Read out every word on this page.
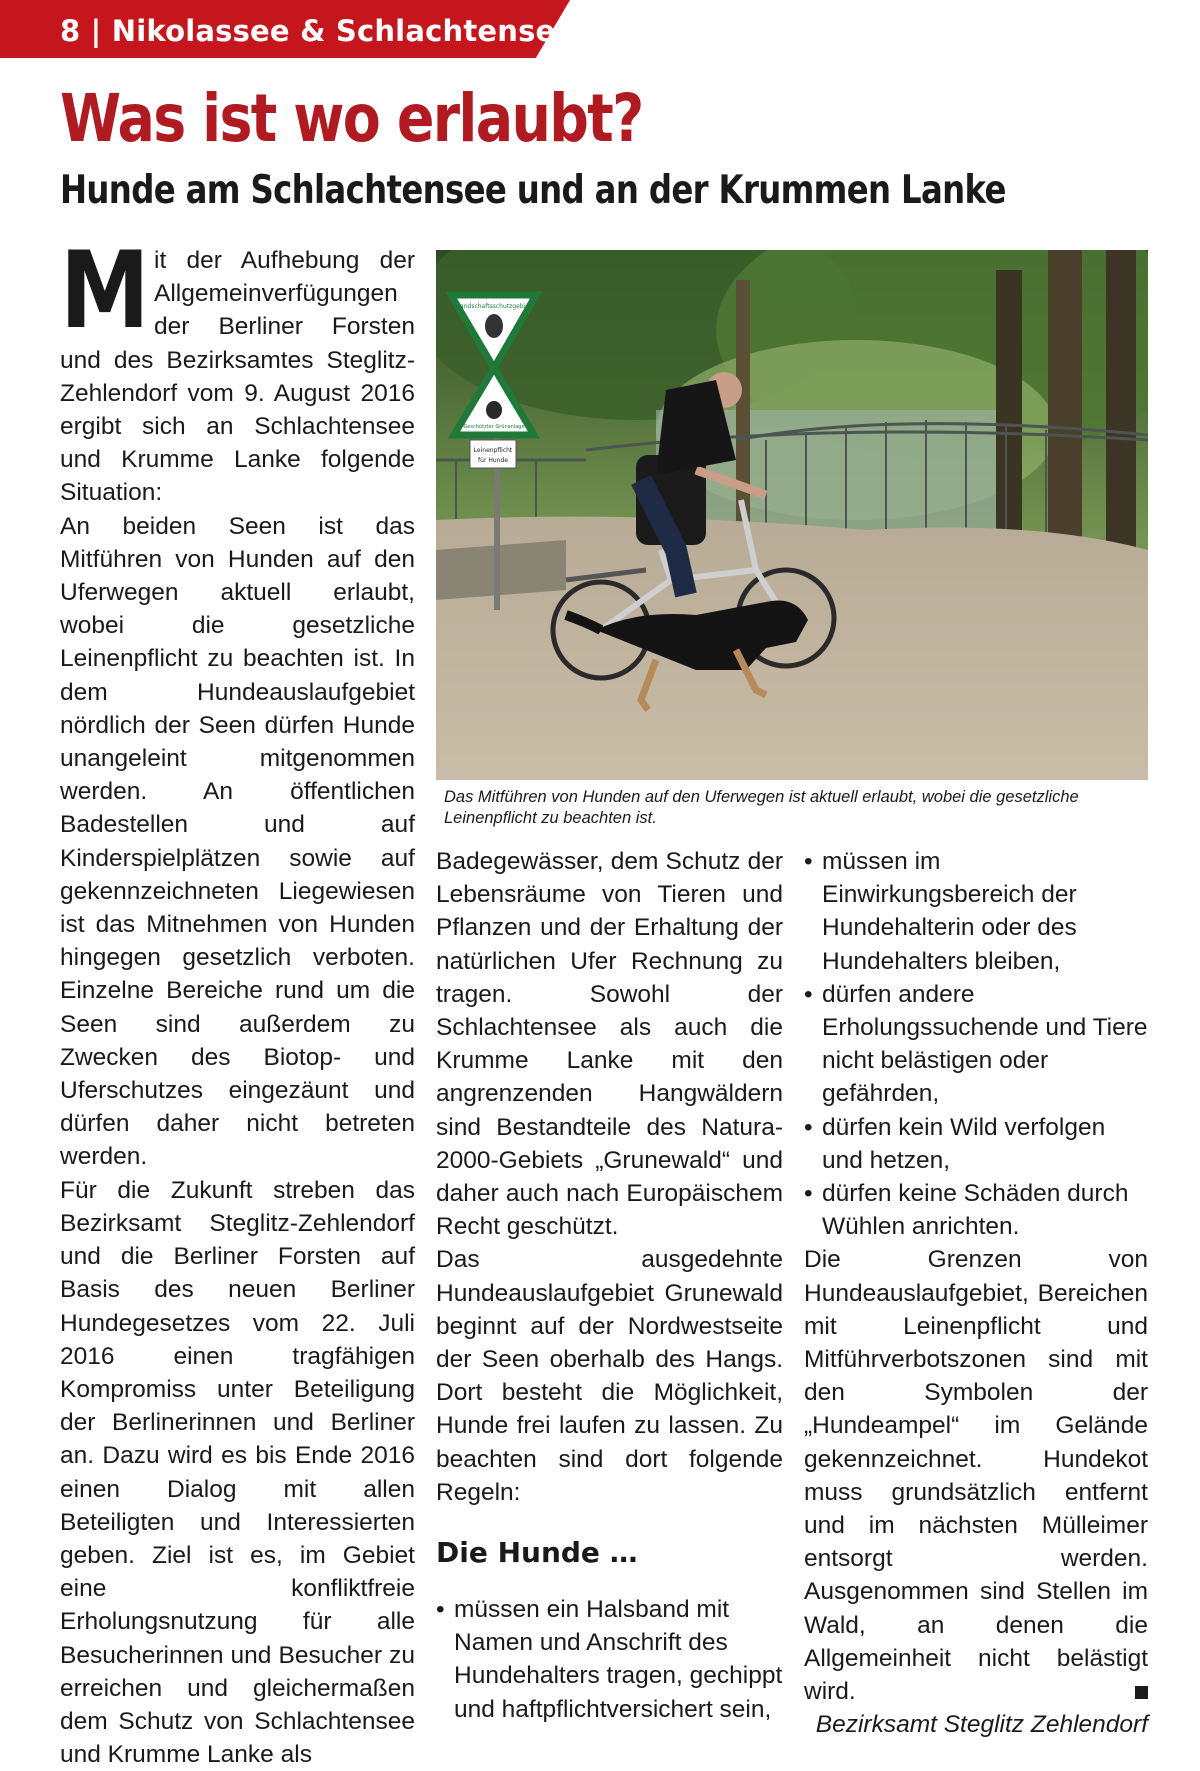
8 | Nikolassee & Schlachtensee extra
Was ist wo erlaubt?
Hunde am Schlachtensee und an der Krummen Lanke
M it der Aufhebung der Allgemeinverfügungen der Berliner Forsten und des Bezirksamtes Steglitz-Zehlendorf vom 9. August 2016 ergibt sich an Schlachtensee und Krumme Lanke folgende Situation:

An beiden Seen ist das Mitführen von Hunden auf den Uferwegen aktuell erlaubt, wobei die gesetzliche Leinenpflicht zu beachten ist. In dem Hundeauslaufgebiet nördlich der Seen dürfen Hunde unangeleint mitgenommen werden. An öffentlichen Badestellen und auf Kinderspielplätzen sowie auf gekennzeichneten Liegewiesen ist das Mitnehmen von Hunden hingegen gesetzlich verboten. Einzelne Bereiche rund um die Seen sind außerdem zu Zwecken des Biotop- und Uferschutzes eingezäunt und dürfen daher nicht betreten werden.

Für die Zukunft streben das Bezirksamt Steglitz-Zehlendorf und die Berliner Forsten auf Basis des neuen Berliner Hundegesetzes vom 22. Juli 2016 einen tragfähigen Kompromiss unter Beteiligung der Berlinerinnen und Berliner an. Dazu wird es bis Ende 2016 einen Dialog mit allen Beteiligten und Interessierten geben. Ziel ist es, im Gebiet eine konfliktfreie Erholungsnutzung für alle Besucherinnen und Besucher zu erreichen und gleichermaßen dem Schutz von Schlachtensee und Krumme Lanke als

Landschaftsschutzgebiet
Geschützter Grünanlage
Leinenpflicht
für Hunde
Das Mitführen von Hunden auf den Uferwegen ist aktuell erlaubt, wobei die gesetzliche Leinenpflicht zu beachten ist.

Badegewässer, dem Schutz der Lebensräume von Tieren und Pflanzen und der Erhaltung der natürlichen Ufer Rechnung zu tragen. Sowohl der Schlachtensee als auch die Krumme Lanke mit den angrenzenden Hangwäldern sind Bestandteile des Natura-2000-Gebiets „Grunewald“ und daher auch nach Europäischem Recht geschützt.

Das ausgedehnte Hundeauslaufgebiet Grunewald beginnt auf der Nordwestseite der Seen oberhalb des Hangs. Dort besteht die Möglichkeit, Hunde frei laufen zu lassen. Zu beachten sind dort folgende Regeln:

Die Hunde …
• müssen ein Halsband mit Namen und Anschrift des Hundehalters tragen, gechippt und haftpflichtversichert sein,
• müssen im Einwirkungsbereich der Hundehalterin oder des Hundehalters bleiben,
• dürfen andere Erholungssuchende und Tiere nicht belästigen oder gefährden,
• dürfen kein Wild verfolgen und hetzen,
• dürfen keine Schäden durch Wühlen anrichten.

Die Grenzen von Hundeauslaufgebiet, Bereichen mit Leinenpflicht und Mitführverbotszonen sind mit den Symbolen der „Hundeampel“ im Gelände gekennzeichnet. Hundekot muss grundsätzlich entfernt und im nächsten Mülleimer entsorgt werden. Ausgenommen sind Stellen im Wald, an denen die Allgemeinheit nicht belästigt wird.

Bezirksamt Steglitz Zehlendorf
